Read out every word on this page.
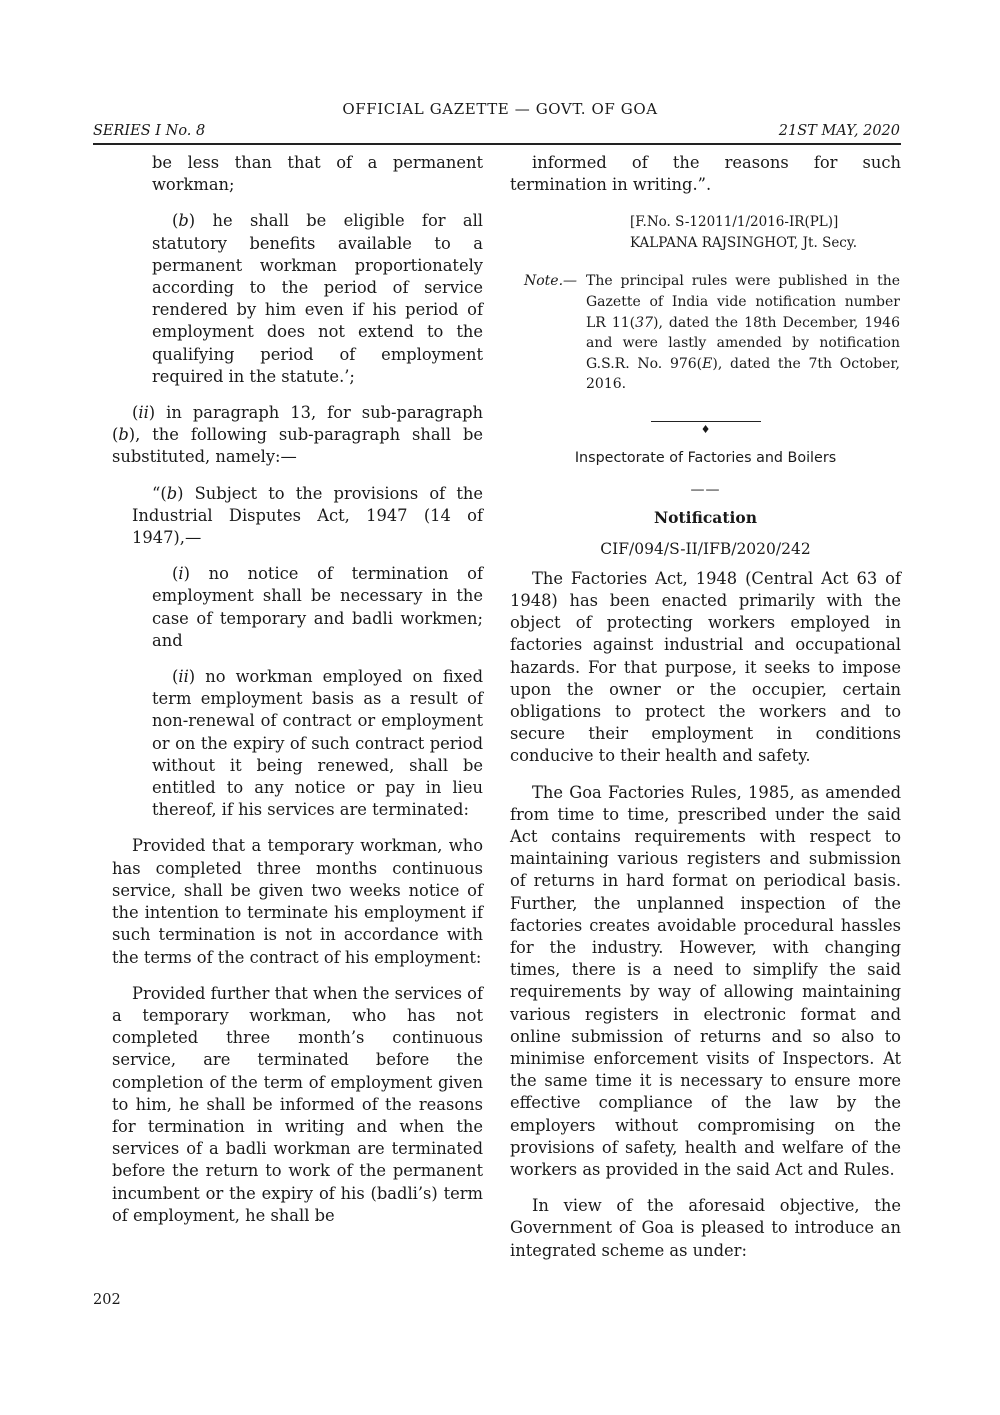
OFFICIAL GAZETTE — GOVT. OF GOA
SERIES I No. 8	21ST MAY, 2020

be less than that of a permanent workman;

(b) he shall be eligible for all statutory benefits available to a permanent workman proportionately according to the period of service rendered by him even if his period of employment does not extend to the qualifying period of employment required in the statute.’;

(ii) in paragraph 13, for sub-paragraph (b), the following sub-paragraph shall be substituted, namely:—

“(b) Subject to the provisions of the Industrial Disputes Act, 1947 (14 of 1947),—

(i) no notice of termination of employment shall be necessary in the case of temporary and badli workmen; and

(ii) no workman employed on fixed term employment basis as a result of non-renewal of contract or employment or on the expiry of such contract period without it being renewed, shall be entitled to any notice or pay in lieu thereof, if his services are terminated:

Provided that a temporary workman, who has completed three months continuous service, shall be given two weeks notice of the intention to terminate his employment if such termination is not in accordance with the terms of the contract of his employment:

Provided further that when the services of a temporary workman, who has not completed three month’s continuous service, are terminated before the completion of the term of employment given to him, he shall be informed of the reasons for termination in writing and when the services of a badli workman are terminated before the return to work of the permanent incumbent or the expiry of his (badli’s) term of employment, he shall be

informed of the reasons for such termination in writing.”.

[F.No. S-12011/1/2016-IR(PL)]
KALPANA RAJSINGHOT, Jt. Secy.
Note.— The principal rules were published in the Gazette of India vide notification number LR 11(37), dated the 18th December, 1946 and were lastly amended by notification G.S.R. No. 976(E), dated the 7th October, 2016.
♦
Inspectorate of Factories and Boilers
——
Notification
CIF/094/S-II/IFB/2020/242

The Factories Act, 1948 (Central Act 63 of 1948) has been enacted primarily with the object of protecting workers employed in factories against industrial and occupational hazards. For that purpose, it seeks to impose upon the owner or the occupier, certain obligations to protect the workers and to secure their employment in conditions conducive to their health and safety.

The Goa Factories Rules, 1985, as amended from time to time, prescribed under the said Act contains requirements with respect to maintaining various registers and submission of returns in hard format on periodical basis. Further, the unplanned inspection of the factories creates avoidable procedural hassles for the industry. However, with changing times, there is a need to simplify the said requirements by way of allowing maintaining various registers in electronic format and online submission of returns and so also to minimise enforcement visits of Inspectors. At the same time it is necessary to ensure more effective compliance of the law by the employers without compromising on the provisions of safety, health and welfare of the workers as provided in the said Act and Rules.

In view of the aforesaid objective, the Government of Goa is pleased to introduce an integrated scheme as under:

202
